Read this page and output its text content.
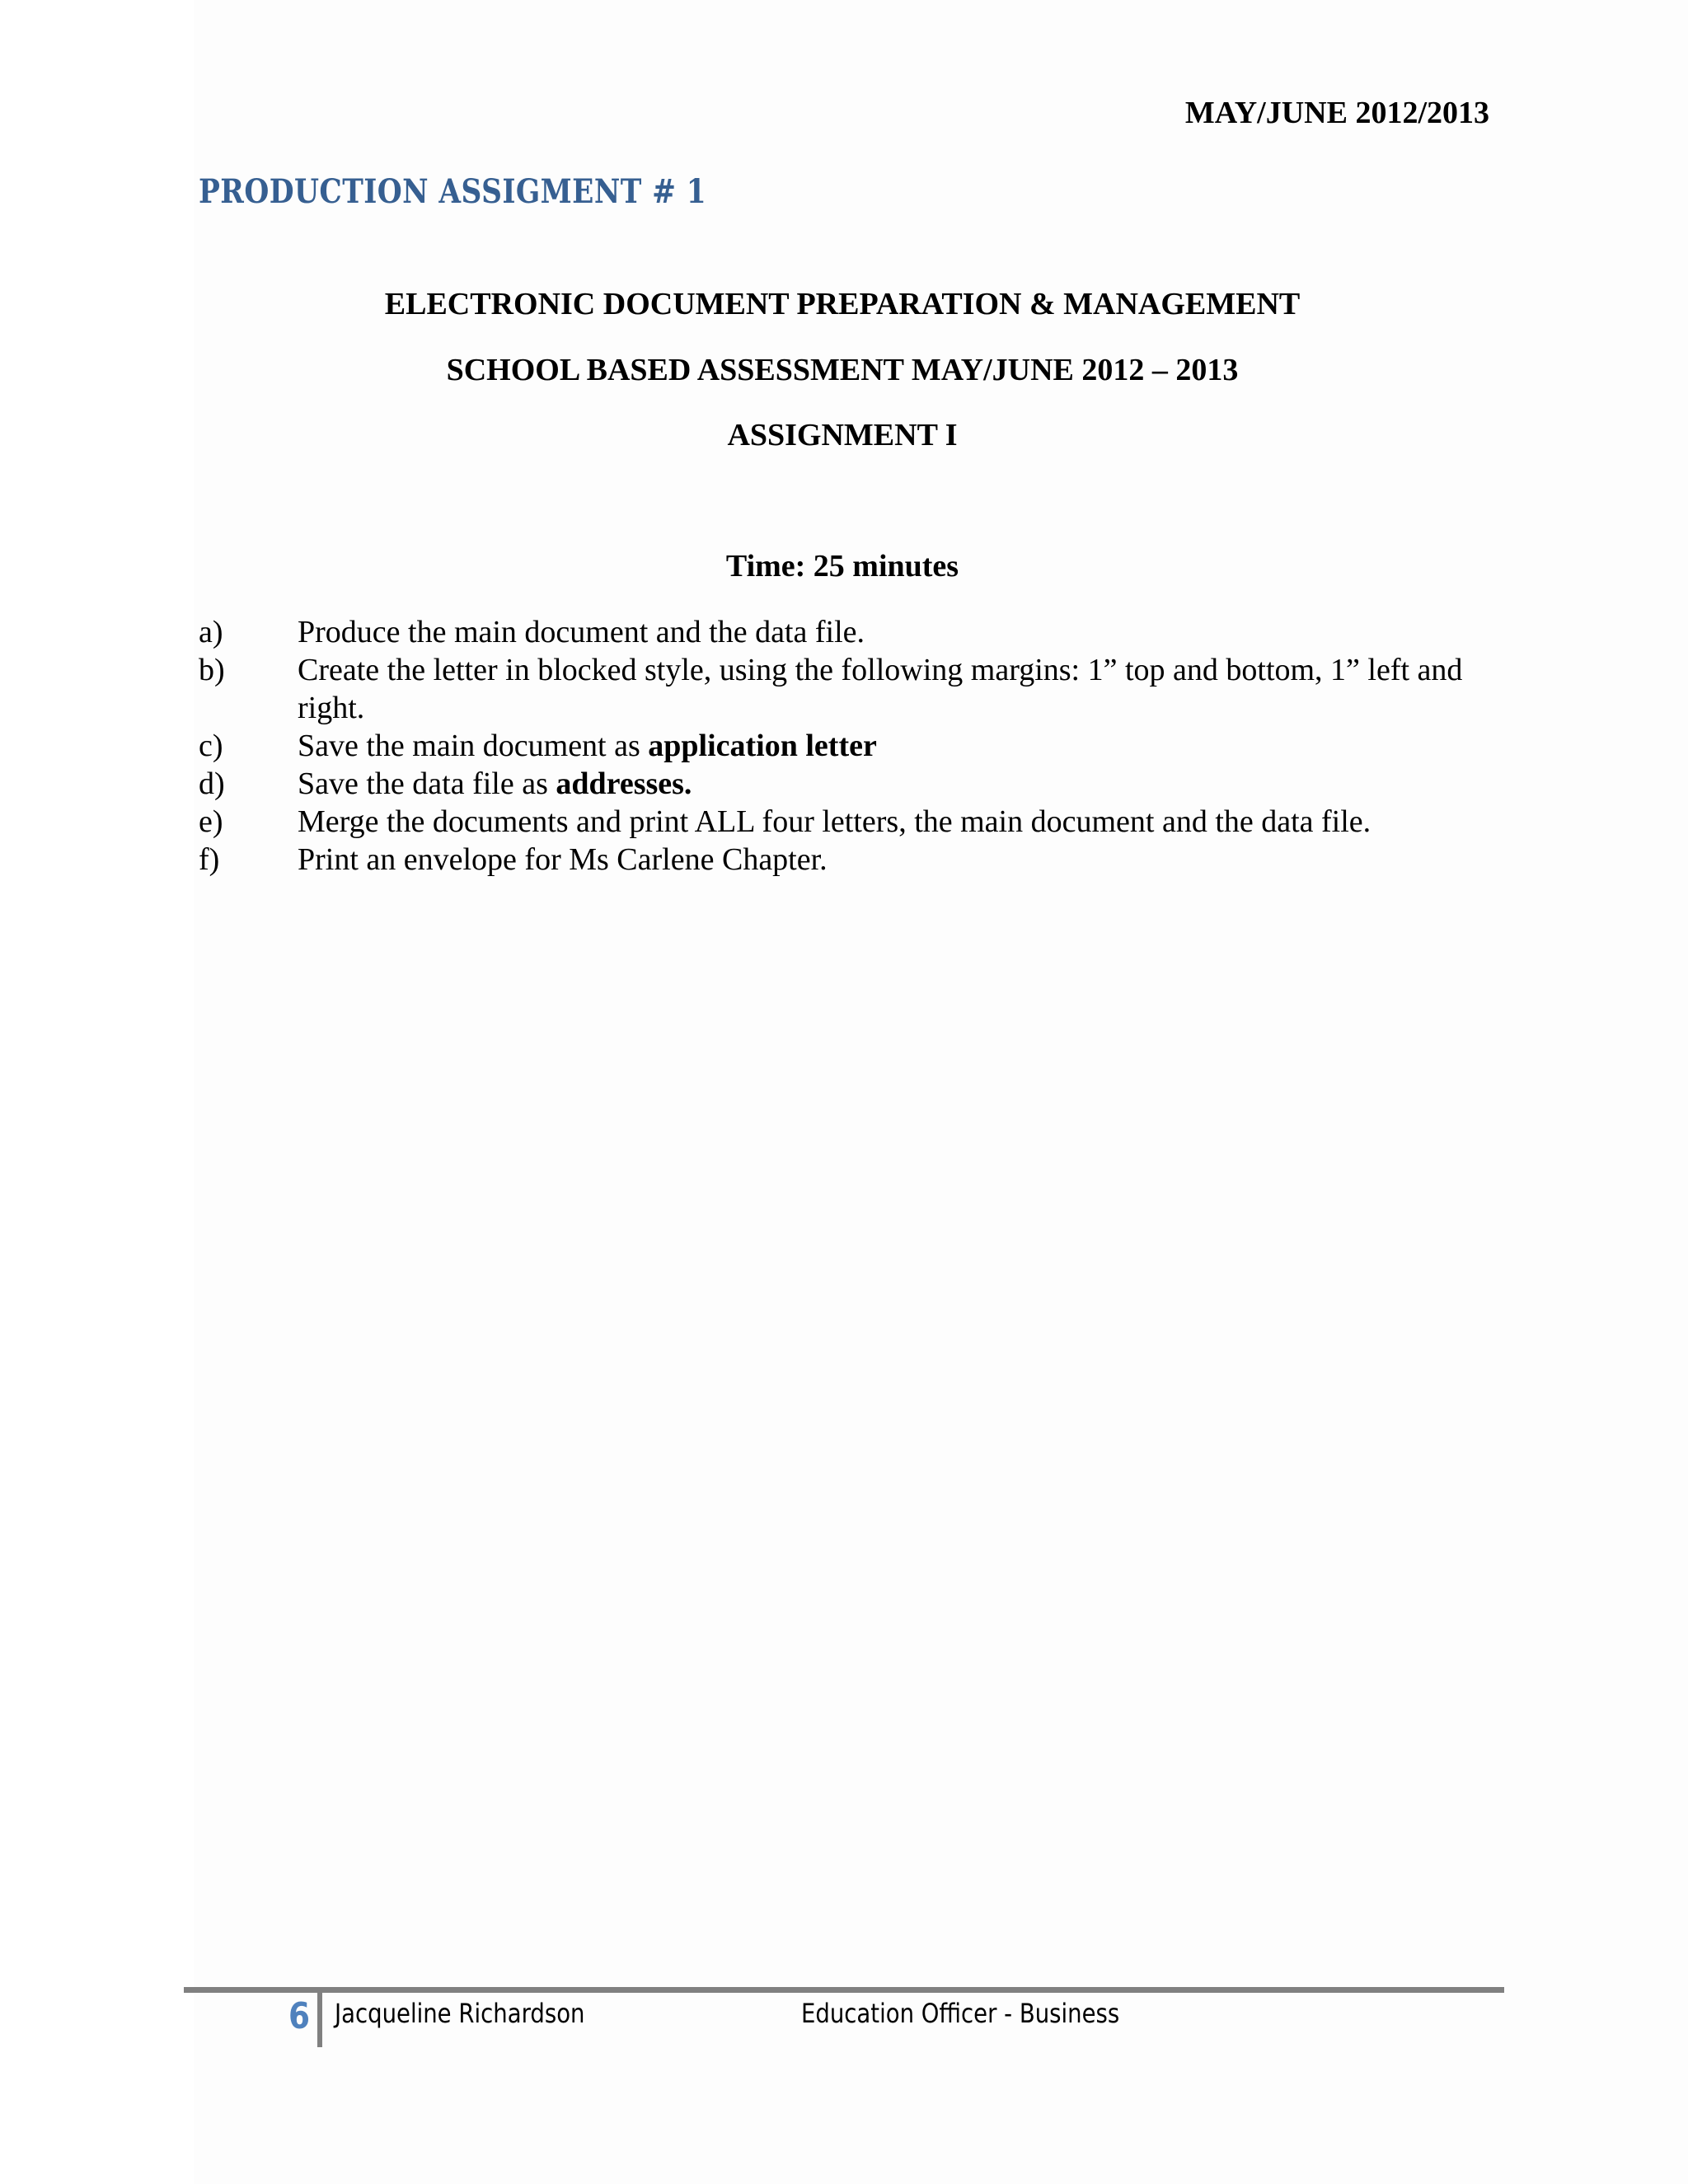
MAY/JUNE 2012/2013
PRODUCTION ASSIGMENT # 1
ELECTRONIC DOCUMENT PREPARATION & MANAGEMENT
SCHOOL BASED ASSESSMENT MAY/JUNE 2012 – 2013
ASSIGNMENT I
Time: 25 minutes
a)	Produce the main document and the data file.
b)	Create the letter in blocked style, using the following margins: 1” top and bottom, 1” left and right.
c)	Save the main document as application letter
d)	Save the data file as addresses.
e)	Merge the documents and print ALL four letters, the main document and the data file.
f)	Print an envelope for Ms Carlene Chapter.
6 Jacqueline Richardson	Education Officer - Business
